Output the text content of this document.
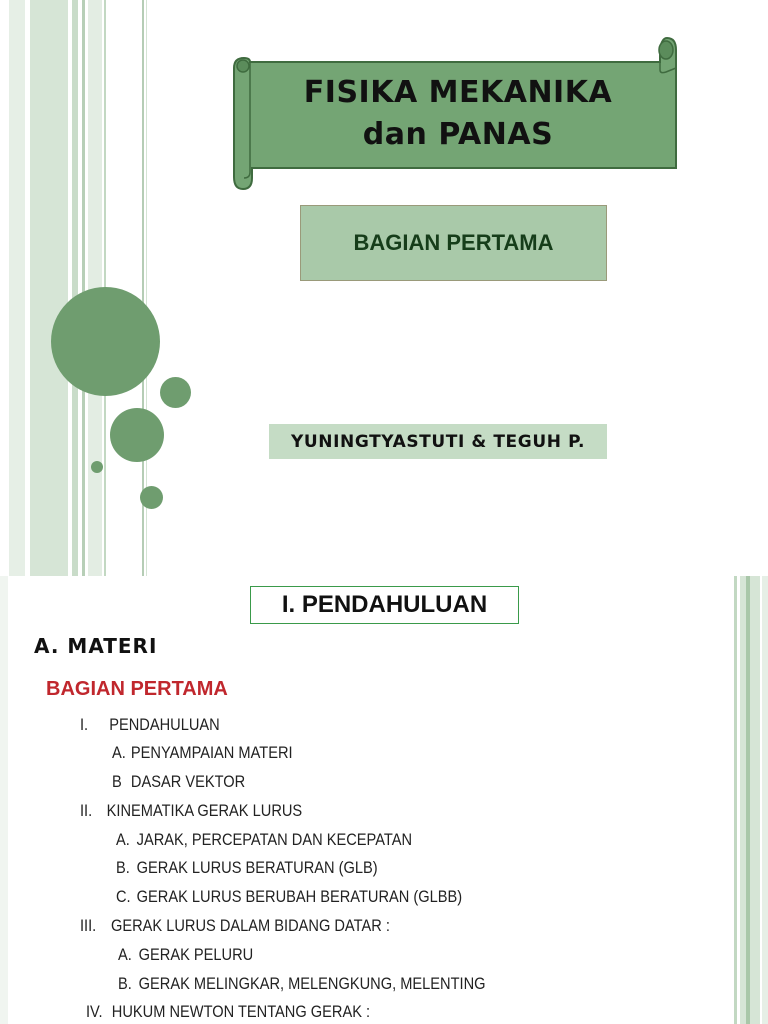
FISIKA MEKANIKA
dan PANAS
BAGIAN PERTAMA
YUNINGTYASTUTI & TEGUH P.
I. PENDAHULUAN
A. MATERI
BAGIAN PERTAMA
I. PENDAHULUAN
A. PENYAMPAIAN MATERI
B DASAR VEKTOR
II. KINEMATIKA GERAK LURUS
A. JARAK, PERCEPATAN DAN KECEPATAN
B. GERAK LURUS BERATURAN (GLB)
C. GERAK LURUS BERUBAH BERATURAN (GLBB)
III. GERAK LURUS DALAM BIDANG DATAR :
A. GERAK PELURU
B. GERAK MELINGKAR, MELENGKUNG, MELENTING
IV. HUKUM NEWTON TENTANG GERAK :
